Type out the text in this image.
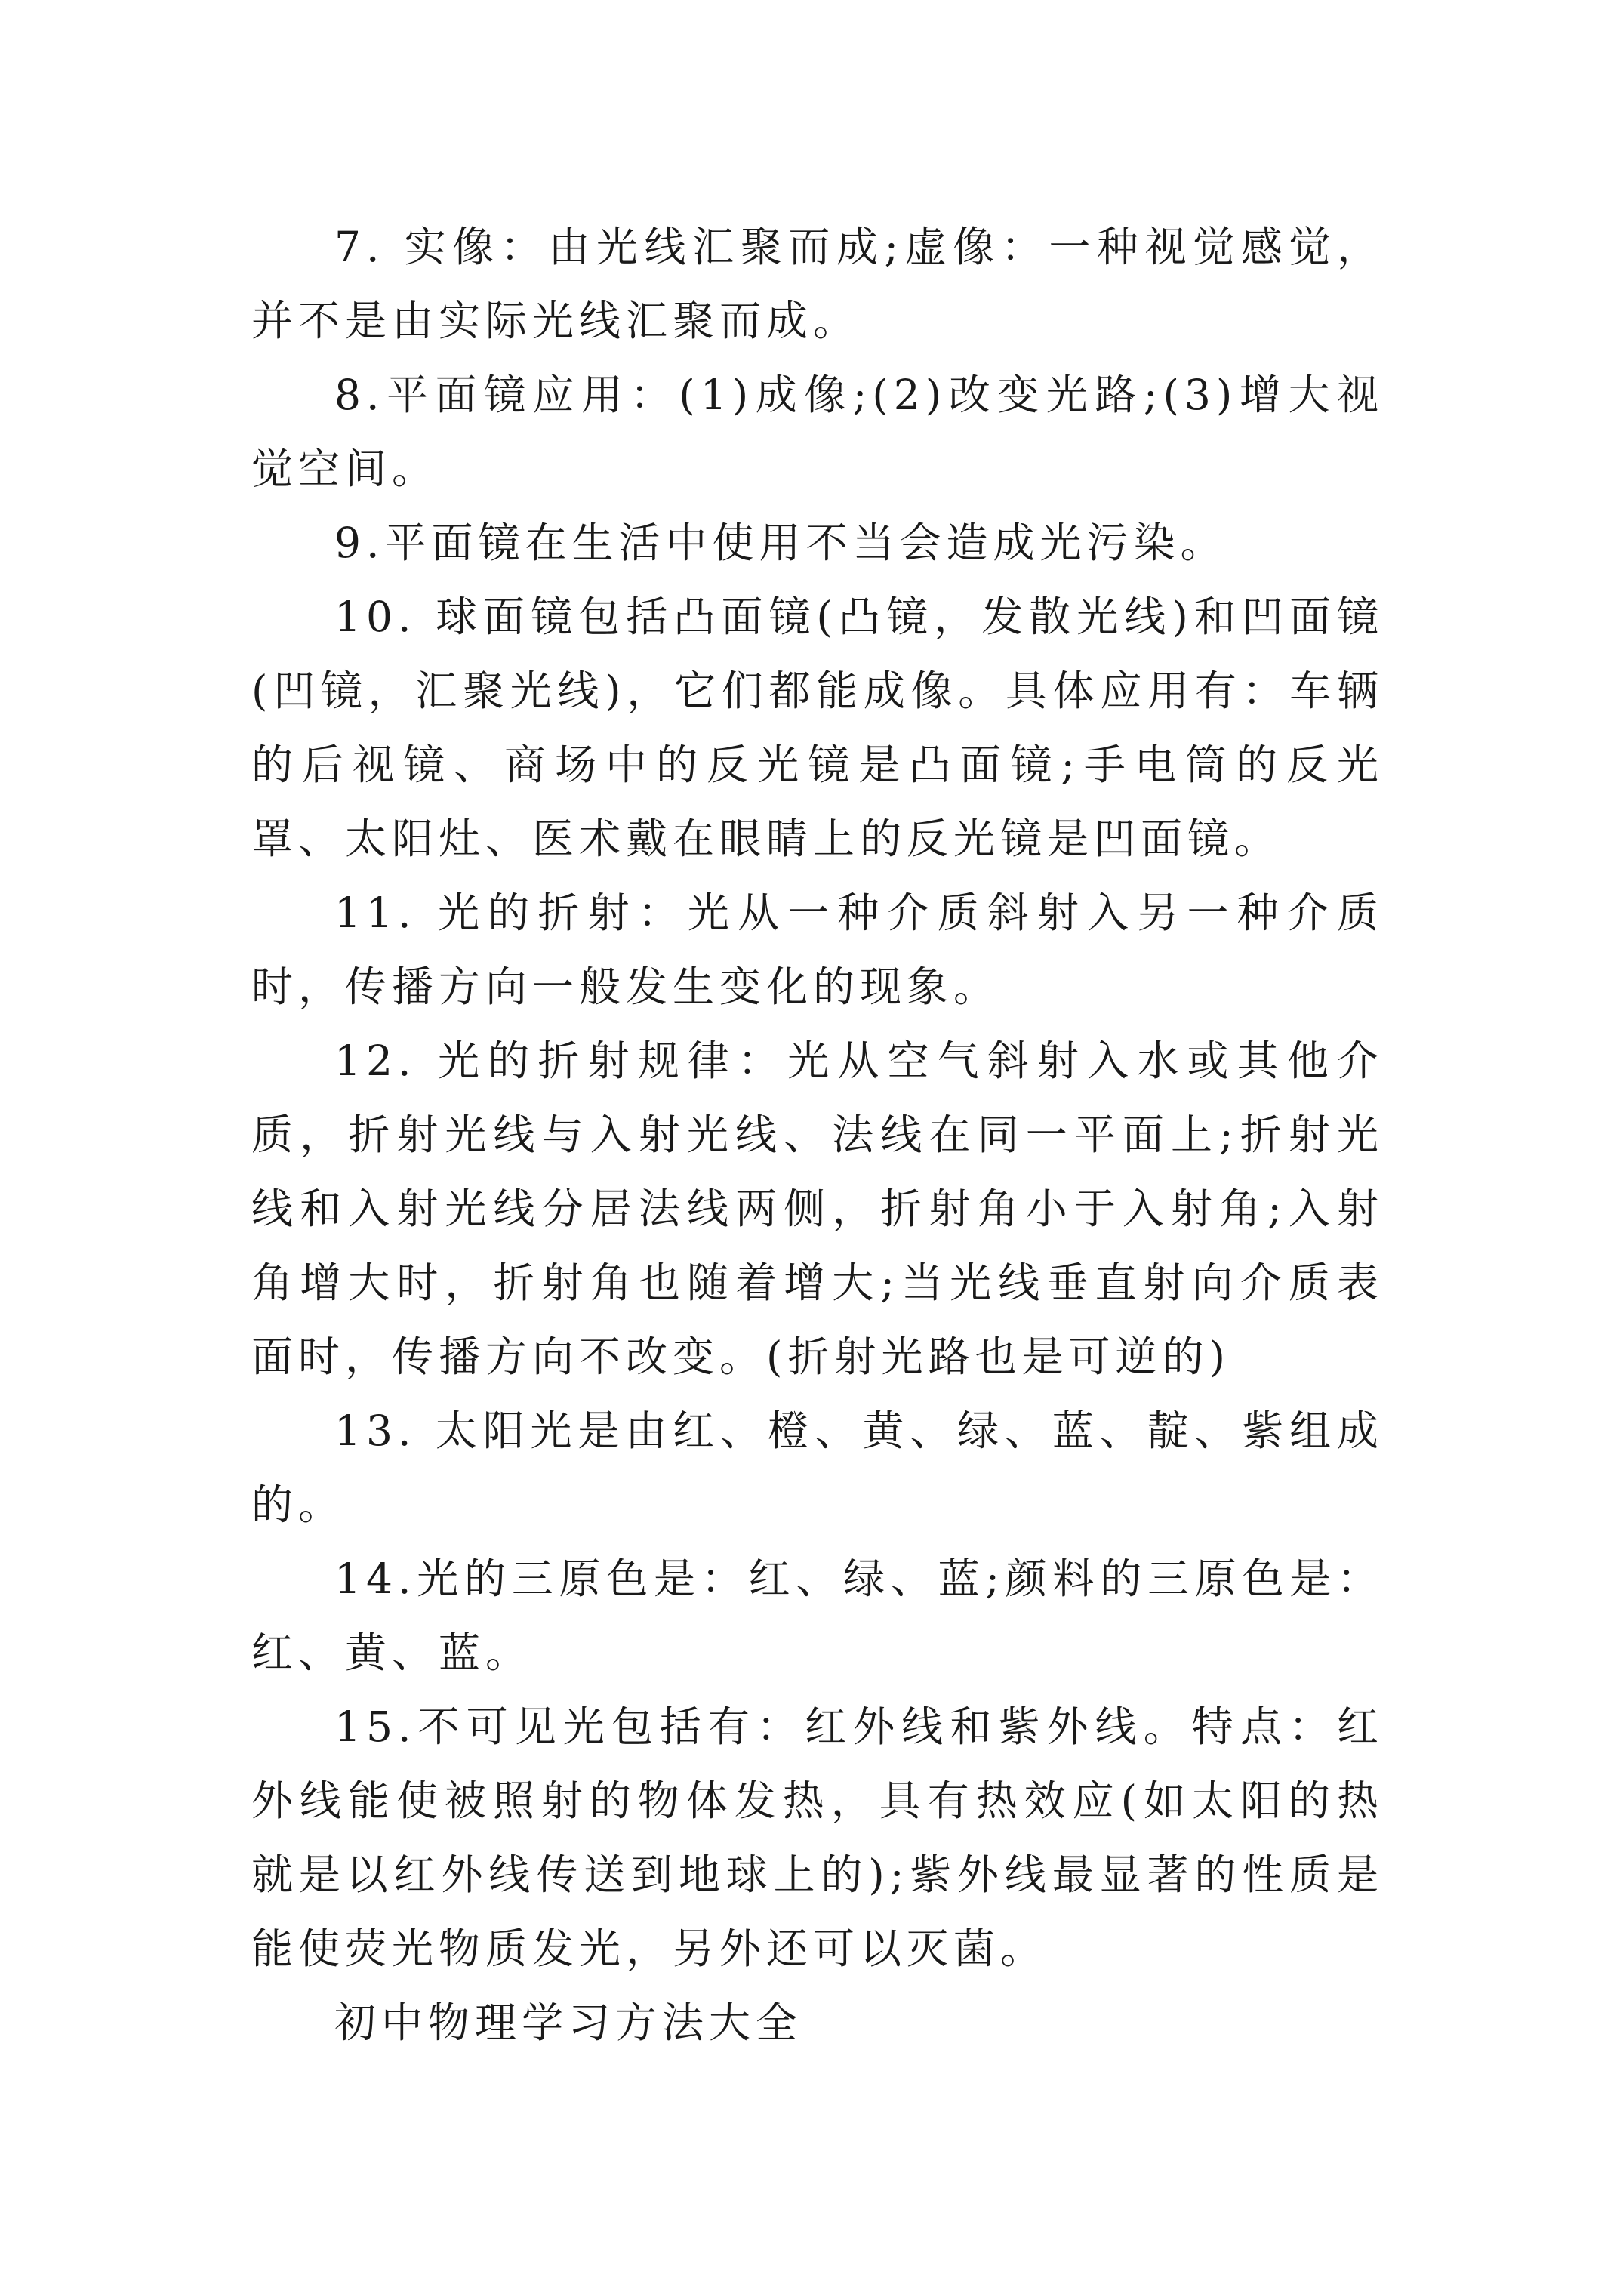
7. 实像：由光线汇聚而成;虚像：一种视觉感觉，并不是由实际光线汇聚而成。

8.平面镜应用：(1)成像;(2)改变光路;(3)增大视觉空间。

9.平面镜在生活中使用不当会造成光污染。

10. 球面镜包括凸面镜(凸镜，发散光线)和凹面镜(凹镜，汇聚光线)，它们都能成像。具体应用有：车辆的后视镜、商场中的反光镜是凸面镜;手电筒的反光罩、太阳灶、医术戴在眼睛上的反光镜是凹面镜。

11. 光的折射：光从一种介质斜射入另一种介质时，传播方向一般发生变化的现象。

12. 光的折射规律：光从空气斜射入水或其他介质，折射光线与入射光线、法线在同一平面上;折射光线和入射光线分居法线两侧，折射角小于入射角;入射角增大时，折射角也随着增大;当光线垂直射向介质表面时，传播方向不改变。(折射光路也是可逆的)

13. 太阳光是由红、橙、黄、绿、蓝、靛、紫组成的。

14.光的三原色是：红、绿、蓝;颜料的三原色是：红、黄、蓝。

15.不可见光包括有：红外线和紫外线。特点：红外线能使被照射的物体发热，具有热效应(如太阳的热就是以红外线传送到地球上的);紫外线最显著的性质是能使荧光物质发光，另外还可以灭菌。

初中物理学习方法大全
